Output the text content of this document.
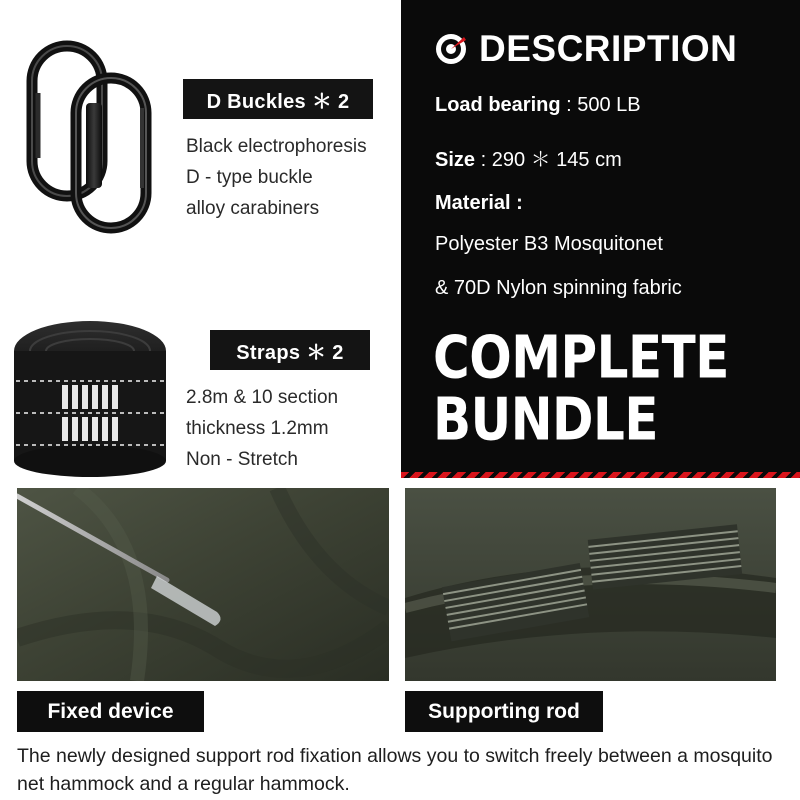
D Buckles ＊ 2
Black electrophoresis
D - type buckle
alloy carabiners
Straps ＊ 2
2.8m & 10 section
thickness 1.2mm
Non - Stretch
DESCRIPTION
Load bearing : 500 LB
Size : 290 ＊ 145 cm
Material :
Polyester B3 Mosquitonet
& 70D Nylon spinning fabric
COMPLETE
BUNDLE
Fixed device	Supporting rod
The newly designed support rod fixation allows you to switch freely between a mosquito net hammock and a regular hammock.
